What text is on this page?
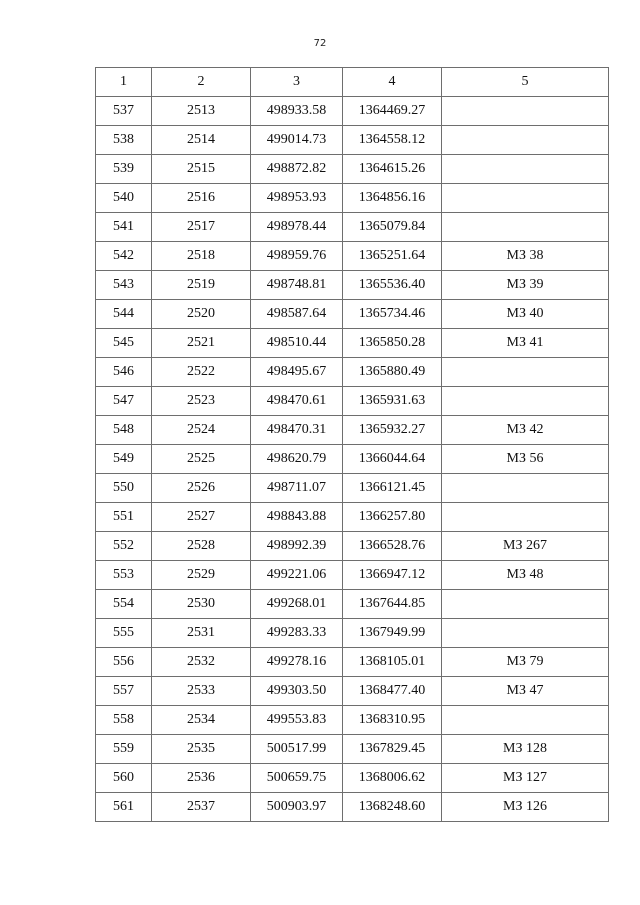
72
1	2	3	4	5
537	2513	498933.58	1364469.27	
538	2514	499014.73	1364558.12	
539	2515	498872.82	1364615.26	
540	2516	498953.93	1364856.16	
541	2517	498978.44	1365079.84	
542	2518	498959.76	1365251.64	МЗ 38
543	2519	498748.81	1365536.40	МЗ 39
544	2520	498587.64	1365734.46	МЗ 40
545	2521	498510.44	1365850.28	МЗ 41
546	2522	498495.67	1365880.49	
547	2523	498470.61	1365931.63	
548	2524	498470.31	1365932.27	МЗ 42
549	2525	498620.79	1366044.64	МЗ 56
550	2526	498711.07	1366121.45	
551	2527	498843.88	1366257.80	
552	2528	498992.39	1366528.76	МЗ 267
553	2529	499221.06	1366947.12	МЗ 48
554	2530	499268.01	1367644.85	
555	2531	499283.33	1367949.99	
556	2532	499278.16	1368105.01	МЗ 79
557	2533	499303.50	1368477.40	МЗ 47
558	2534	499553.83	1368310.95	
559	2535	500517.99	1367829.45	МЗ 128
560	2536	500659.75	1368006.62	МЗ 127
561	2537	500903.97	1368248.60	МЗ 126
